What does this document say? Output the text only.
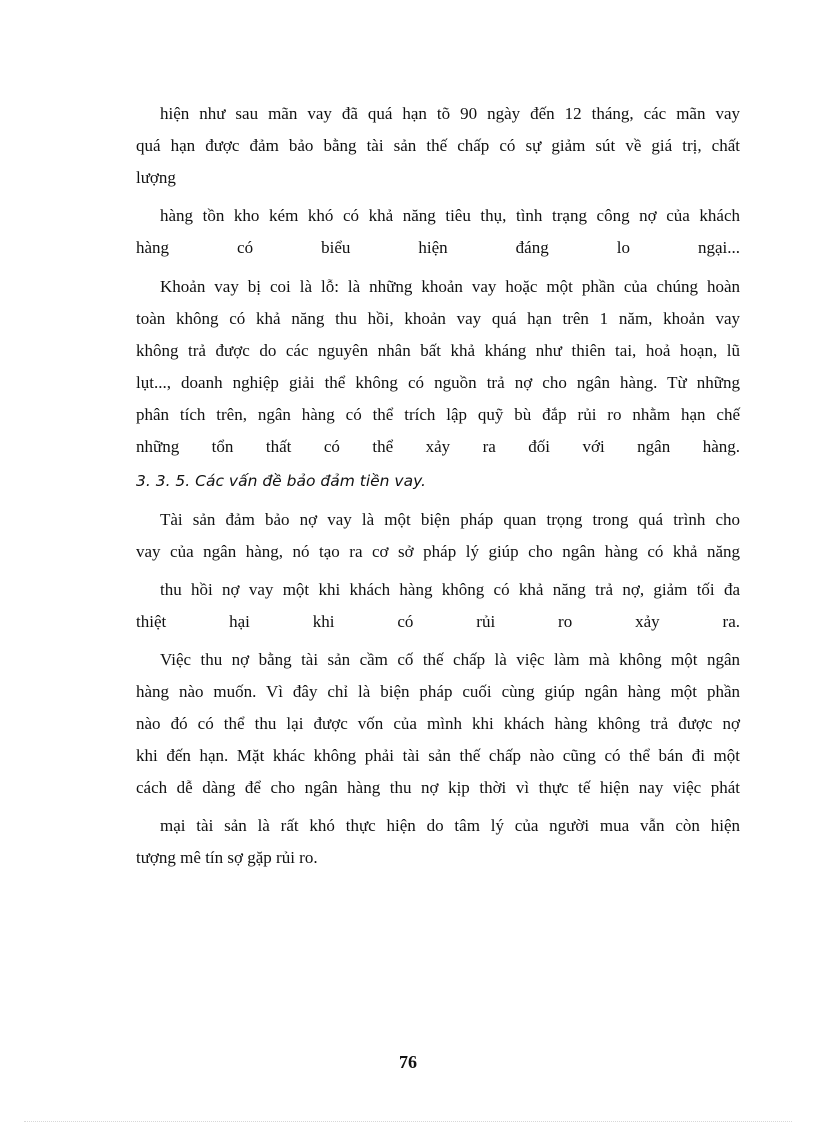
hiện như sau mãn vay đã quá hạn tõ 90 ngày đến 12 tháng, các mãn vay
quá hạn được đảm bảo bằng tài sản thế chấp có sự giảm sút về giá trị, chất
lượng
hàng tồn kho kém khó có khả năng tiêu thụ, tình trạng công nợ của khách
hàng có biểu hiện đáng lo ngại...
Khoản vay bị coi là lỗ: là những khoản vay hoặc một phần của chúng hoàn
toàn không có khả năng thu hồi, khoản vay quá hạn trên 1 năm, khoản vay
không trả được do các nguyên nhân bất khả kháng như thiên tai, hoả hoạn, lũ
lụt..., doanh nghiệp giải thể không có nguồn trả nợ cho ngân hàng. Từ những
phân tích trên, ngân hàng có thể trích lập quỹ bù đắp rủi ro nhằm hạn chế
những tổn thất có thể xảy ra đối với ngân hàng.
3. 3. 5. Các vấn đề bảo đảm tiền vay.
Tài sản đảm bảo nợ vay là một biện pháp quan trọng trong quá trình cho
vay của ngân hàng, nó tạo ra cơ sở pháp lý giúp cho ngân hàng có khả năng
thu hồi nợ vay một khi khách hàng không có khả năng trả nợ, giảm tối đa
thiệt hại khi có rủi ro xảy ra.
Việc thu nợ bằng tài sản cầm cố thế chấp là việc làm mà không một ngân
hàng nào muốn. Vì đây chỉ là biện pháp cuối cùng giúp ngân hàng một phần
nào đó có thể thu lại được vốn của mình khi khách hàng không trả được nợ
khi đến hạn. Mặt khác không phải tài sản thế chấp nào cũng có thể bán đi một
cách dễ dàng để cho ngân hàng thu nợ kịp thời vì thực tế hiện nay việc phát
mại tài sản là rất khó thực hiện do tâm lý của người mua vẫn còn hiện
tượng mê tín sợ gặp rủi ro.
76
